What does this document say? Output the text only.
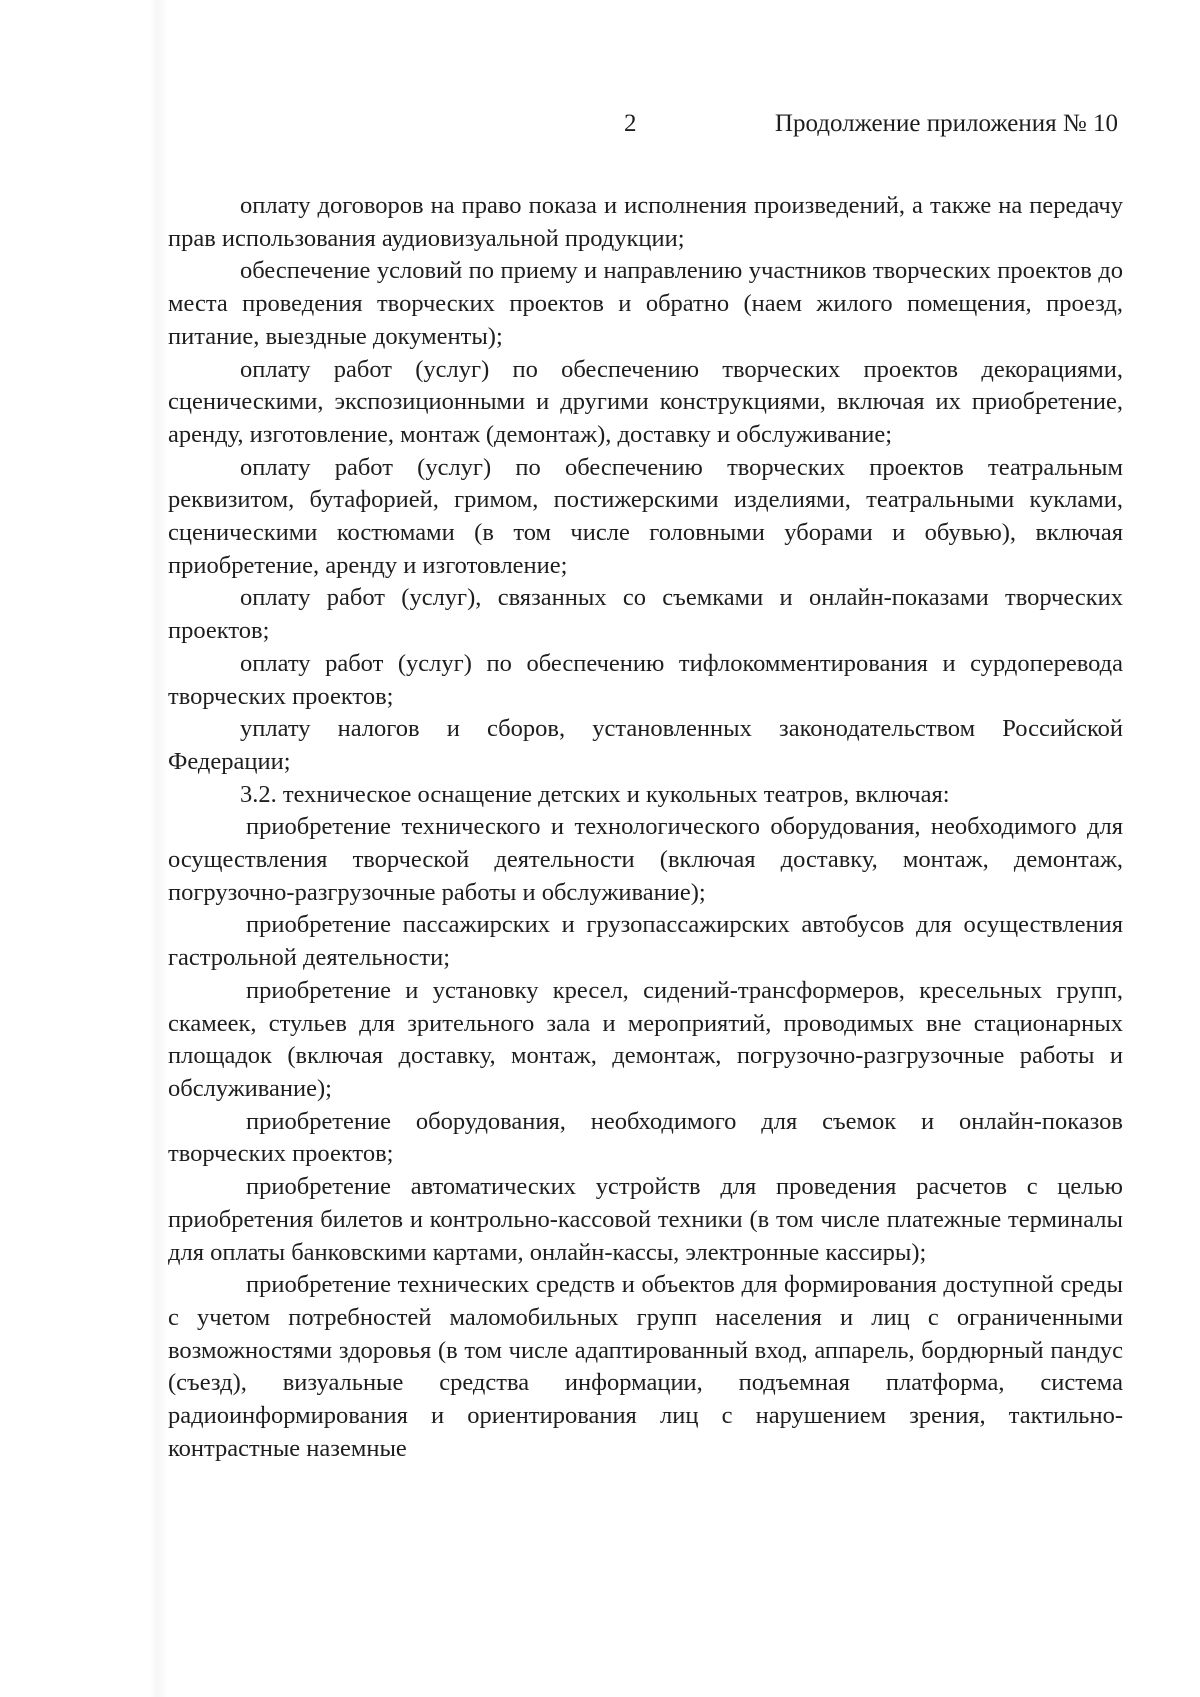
2	Продолжение приложения № 10

оплату договоров на право показа и исполнения произведений, а также на передачу прав использования аудиовизуальной продукции;

обеспечение условий по приему и направлению участников творческих проектов до места проведения творческих проектов и обратно (наем жилого помещения, проезд, питание, выездные документы);

оплату работ (услуг) по обеспечению творческих проектов декорациями, сценическими, экспозиционными и другими конструкциями, включая их приобретение, аренду, изготовление, монтаж (демонтаж), доставку и обслуживание;

оплату работ (услуг) по обеспечению творческих проектов театральным реквизитом, бутафорией, гримом, постижерскими изделиями, театральными куклами, сценическими костюмами (в том числе головными уборами и обувью), включая приобретение, аренду и изготовление;

оплату работ (услуг), связанных со съемками и онлайн-показами творческих проектов;

оплату работ (услуг) по обеспечению тифлокомментирования и сурдоперевода творческих проектов;

уплату налогов и сборов, установленных законодательством Российской Федерации;

3.2. техническое оснащение детских и кукольных театров, включая:

приобретение технического и технологического оборудования, необходимого для осуществления творческой деятельности (включая доставку, монтаж, демонтаж, погрузочно-разгрузочные работы и обслуживание);

приобретение пассажирских и грузопассажирских автобусов для осуществления гастрольной деятельности;

приобретение и установку кресел, сидений-трансформеров, кресельных групп, скамеек, стульев для зрительного зала и мероприятий, проводимых вне стационарных площадок (включая доставку, монтаж, демонтаж, погрузочно-разгрузочные работы и обслуживание);

приобретение оборудования, необходимого для съемок и онлайн-показов творческих проектов;

приобретение автоматических устройств для проведения расчетов с целью приобретения билетов и контрольно-кассовой техники (в том числе платежные терминалы для оплаты банковскими картами, онлайн-кассы, электронные кассиры);

приобретение технических средств и объектов для формирования доступной среды с учетом потребностей маломобильных групп населения и лиц с ограниченными возможностями здоровья (в том числе адаптированный вход, аппарель, бордюрный пандус (съезд), визуальные средства информации, подъемная платформа, система радиоинформирования и ориентирования лиц с нарушением зрения, тактильно-контрастные наземные
